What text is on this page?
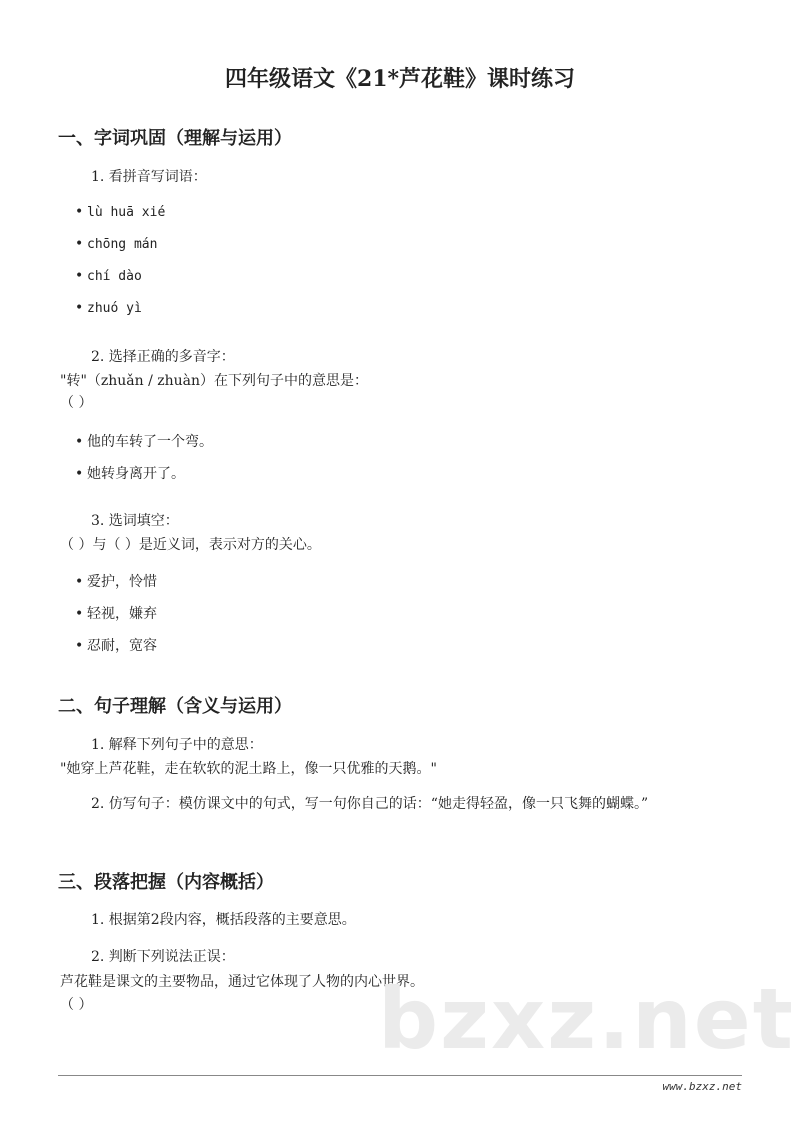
四年级语文《21*芦花鞋》课时练习
一、字词巩固（理解与运用）
1. 看拼音写词语：
• lù huā xié
• chōng mán
• chí dào
• zhuó yì
2. 选择正确的多音字：
"转"（zhuǎn / zhuàn）在下列句子中的意思是：
（ ）
• 他的车转了一个弯。
• 她转身离开了。
3. 选词填空：
（ ）与（ ）是近义词，表示对方的关心。
• 爱护，怜惜
• 轻视，嫌弃
• 忍耐，宽容
二、句子理解（含义与运用）
1. 解释下列句子中的意思：
"她穿上芦花鞋，走在软软的泥土路上，像一只优雅的天鹅。"
2. 仿写句子：模仿课文中的句式，写一句你自己的话：“她走得轻盈，像一只飞舞的蝴蝶。”
三、段落把握（内容概括）
1. 根据第2段内容，概括段落的主要意思。
2. 判断下列说法正误：
芦花鞋是课文的主要物品，通过它体现了人物的内心世界。
（ ）	bzxz.net
www.bzxz.net
